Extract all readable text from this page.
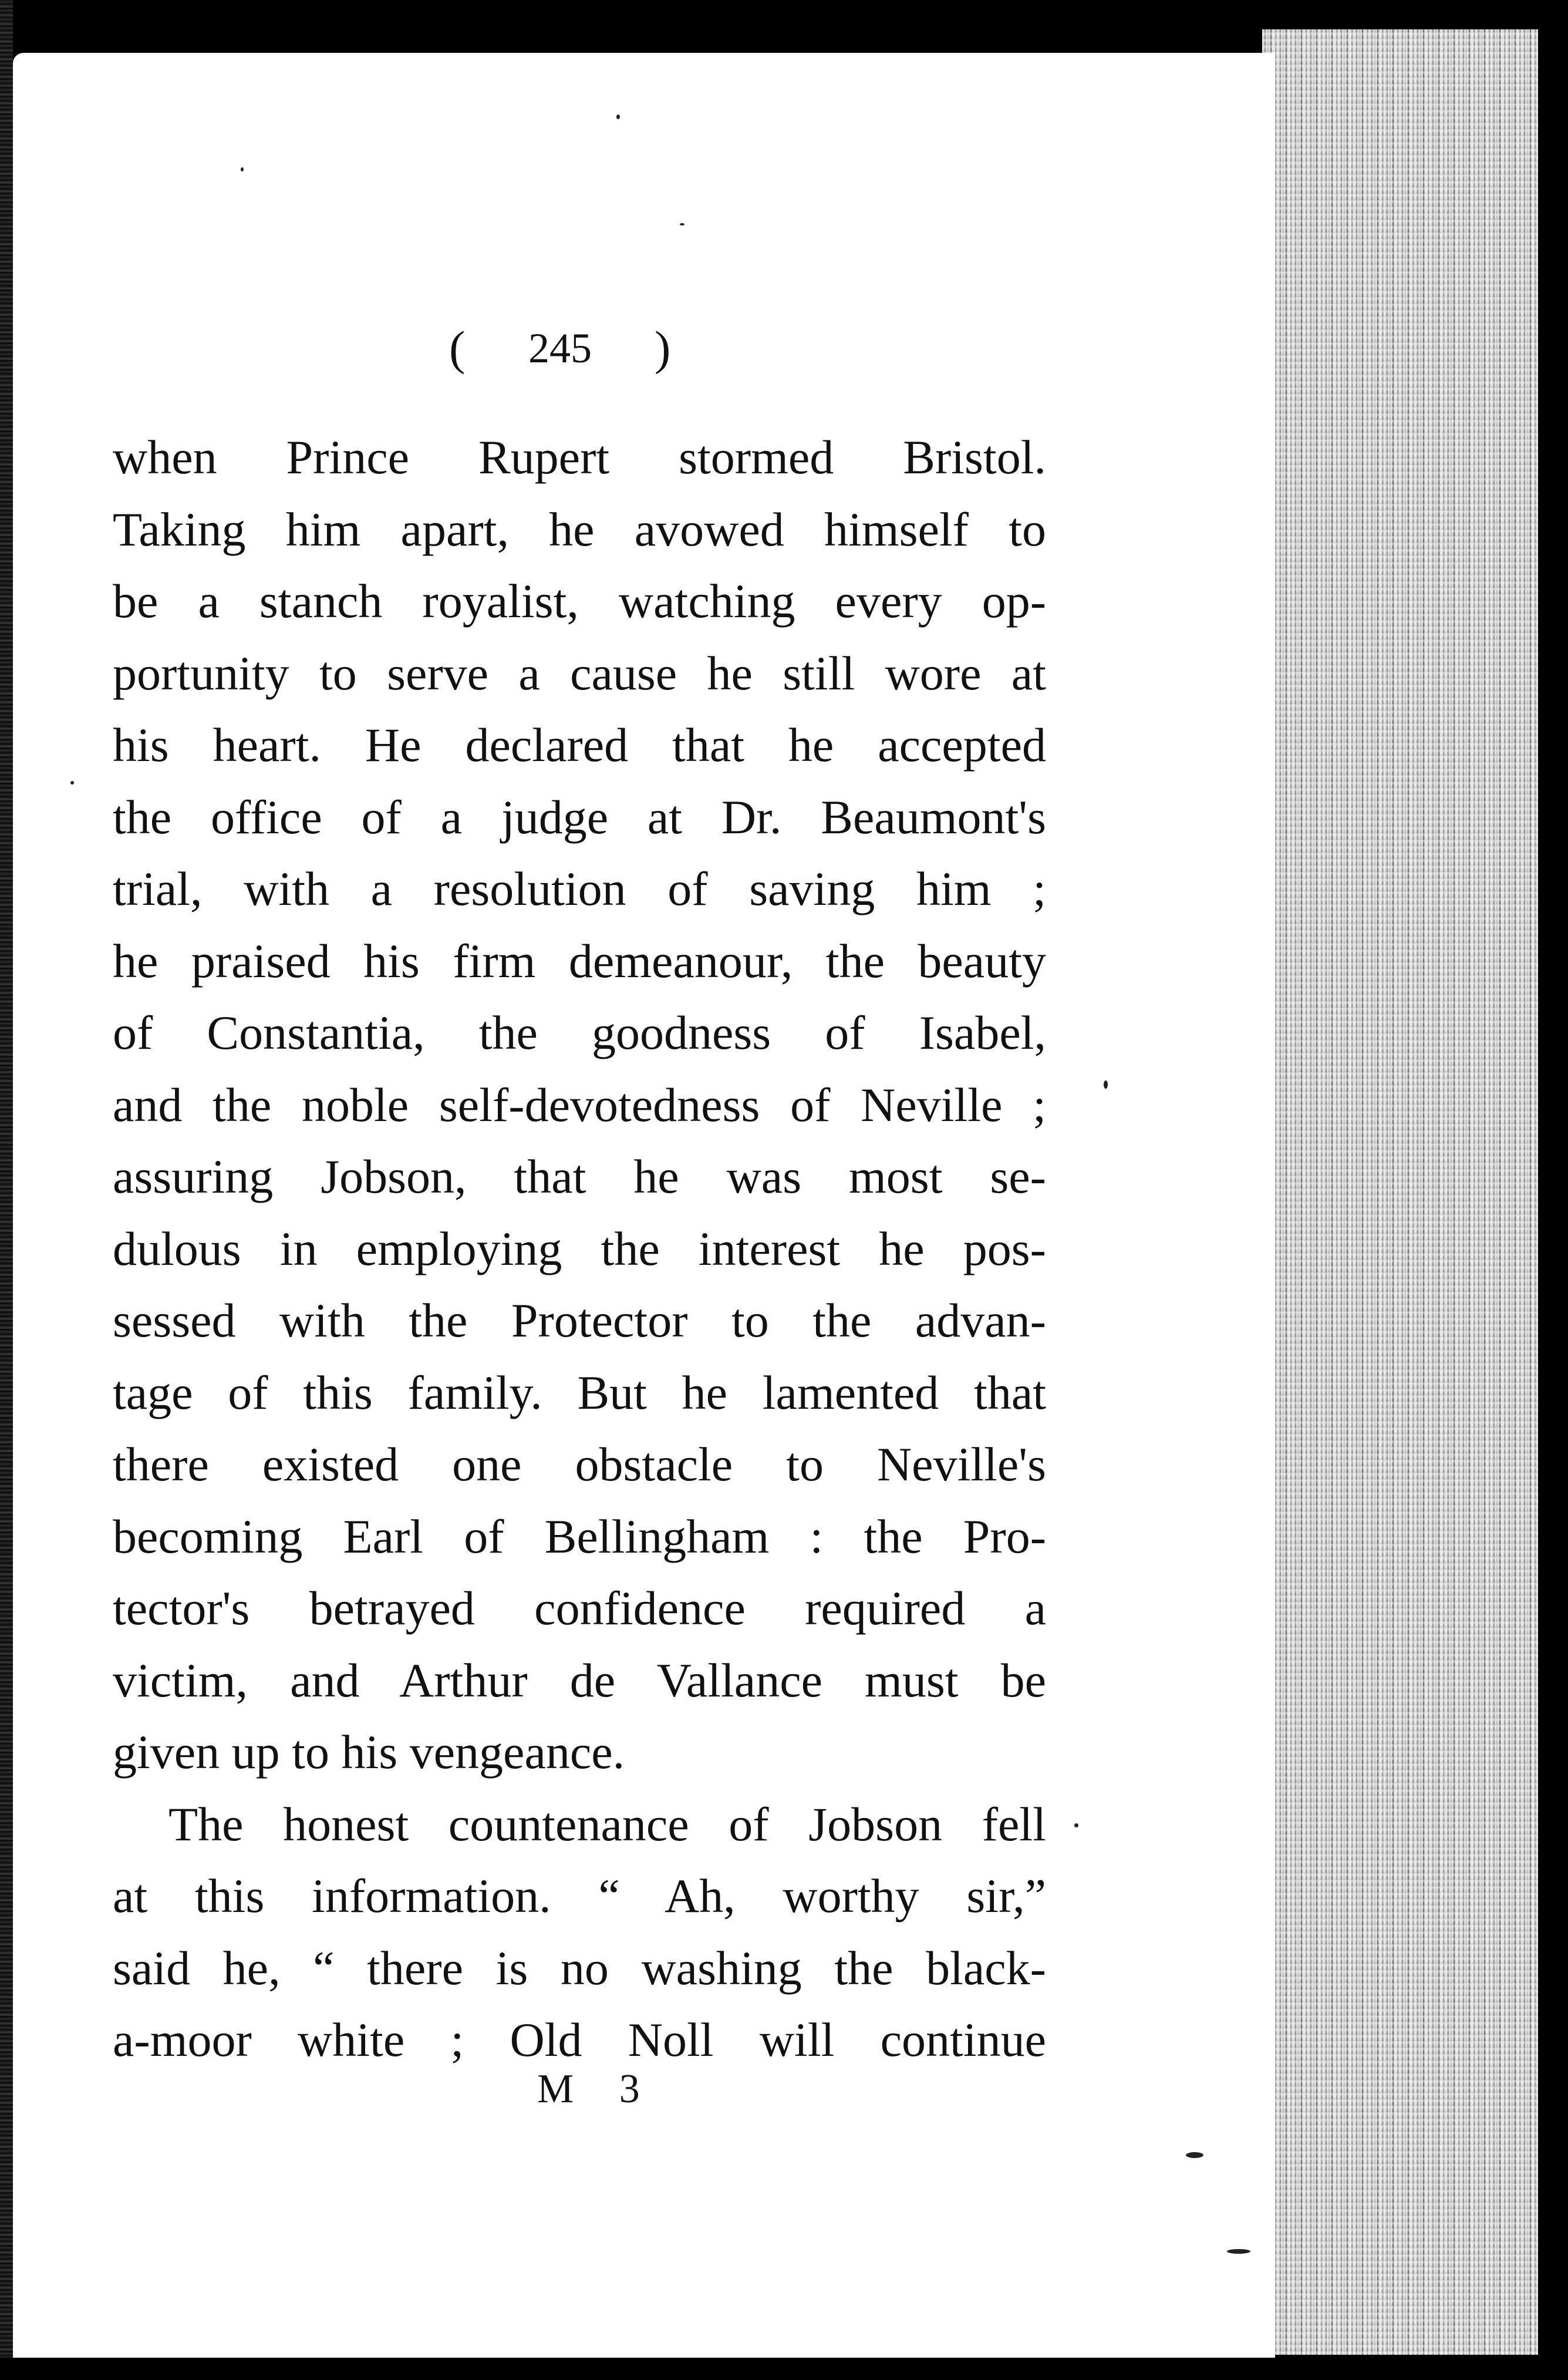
( 245 )
when Prince Rupert stormed Bristol.
Taking him apart, he avowed himself to
be a stanch royalist, watching every op-
portunity to serve a cause he still wore at
his heart. He declared that he accepted
the office of a judge at Dr. Beaumont's
trial, with a resolution of saving him ;
he praised his firm demeanour, the beauty
of Constantia, the goodness of Isabel,
and the noble self-devotedness of Neville ;
assuring Jobson, that he was most se-
dulous in employing the interest he pos-
sessed with the Protector to the advan-
tage of this family. But he lamented that
there existed one obstacle to Neville's
becoming Earl of Bellingham : the Pro-
tector's betrayed confidence required a
victim, and Arthur de Vallance must be
given up to his vengeance.
The honest countenance of Jobson fell
at this information. “ Ah, worthy sir,”
said he, “ there is no washing the black-
a-moor white ; Old Noll will continue
M 3
